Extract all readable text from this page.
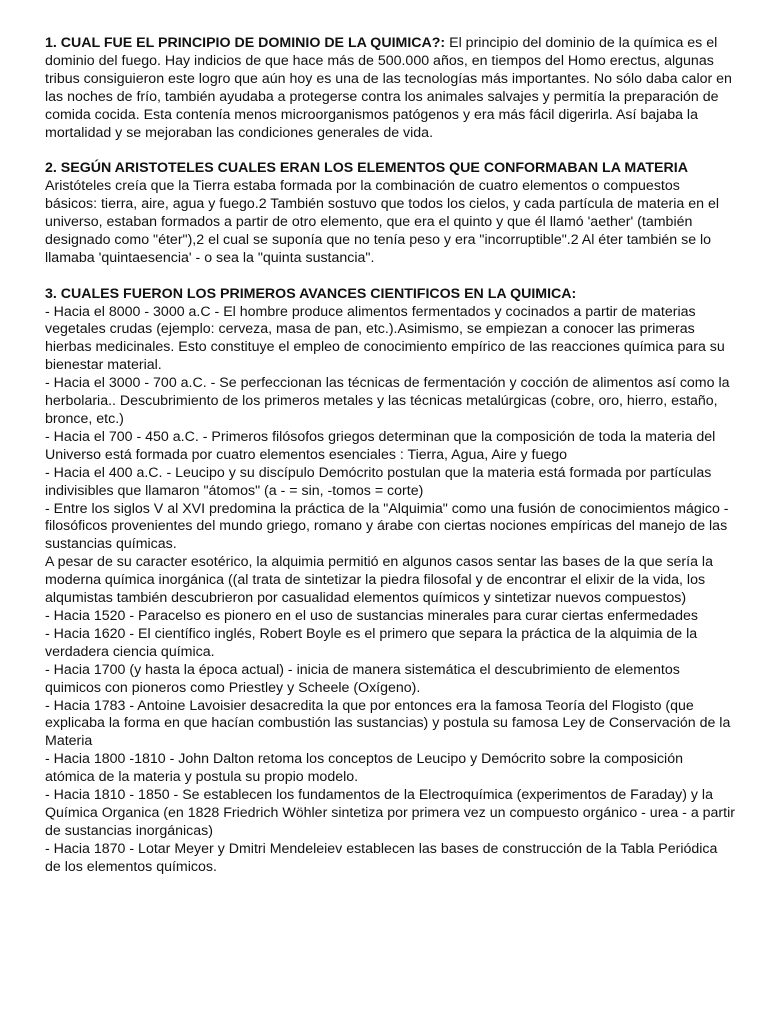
1. CUAL FUE EL PRINCIPIO DE DOMINIO DE LA QUIMICA?: El principio del dominio de la química es el dominio del fuego. Hay indicios de que hace más de 500.000 años, en tiempos del Homo erectus, algunas tribus consiguieron este logro que aún hoy es una de las tecnologías más importantes. No sólo daba calor en las noches de frío, también ayudaba a protegerse contra los animales salvajes y permitía la preparación de comida cocida. Esta contenía menos microorganismos patógenos y era más fácil digerirla. Así bajaba la mortalidad y se mejoraban las condiciones generales de vida.
2. SEGÚN ARISTOTELES CUALES ERAN LOS ELEMENTOS QUE CONFORMABAN LA MATERIA
Aristóteles creía que la Tierra estaba formada por la combinación de cuatro elementos o compuestos básicos: tierra, aire, agua y fuego.2 También sostuvo que todos los cielos, y cada partícula de materia en el universo, estaban formados a partir de otro elemento, que era el quinto y que él llamó 'aether' (también designado como "éter"),2 el cual se suponía que no tenía peso y era "incorruptible".2 Al éter también se lo llamaba 'quintaesencia' - o sea la "quinta sustancia".
3. CUALES FUERON LOS PRIMEROS AVANCES CIENTIFICOS EN LA QUIMICA:
- Hacia el 8000 - 3000 a.C - El hombre produce alimentos fermentados y cocinados a partir de materias vegetales crudas (ejemplo: cerveza, masa de pan, etc.).Asimismo, se empiezan a conocer las primeras hierbas medicinales. Esto constituye el empleo de conocimiento empírico de las reacciones química para su bienestar material.
- Hacia el 3000 - 700 a.C. - Se perfeccionan las técnicas de fermentación y cocción de alimentos así como la herbolaria.. Descubrimiento de los primeros metales y las técnicas metalúrgicas (cobre, oro, hierro, estaño, bronce, etc.)
- Hacia el 700 - 450 a.C. - Primeros filósofos griegos determinan que la composición de toda la materia del Universo está formada por cuatro elementos esenciales : Tierra, Agua, Aire y fuego
- Hacia el 400 a.C. - Leucipo y su discípulo Demócrito postulan que la materia está formada por partículas indivisibles que llamaron "átomos" (a - = sin, -tomos = corte)
- Entre los siglos V al XVI predomina la práctica de la "Alquimia" como una fusión de conocimientos mágico - filosóficos provenientes del mundo griego, romano y árabe con ciertas nociones empíricas del manejo de las sustancias químicas.
A pesar de su caracter esotérico, la alquimia permitió en algunos casos sentar las bases de la que sería la moderna química inorgánica ((al trata de sintetizar la piedra filosofal y de encontrar el elixir de la vida, los alqumistas también descubrieron por casualidad elementos químicos y sintetizar nuevos compuestos)
- Hacia 1520 - Paracelso es pionero en el uso de sustancias minerales para curar ciertas enfermedades
- Hacia 1620 - El científico inglés, Robert Boyle es el primero que separa la práctica de la alquimia de la verdadera ciencia química.
- Hacia 1700 (y hasta la época actual) - inicia de manera sistemática el descubrimiento de elementos quimicos con pioneros como Priestley y Scheele (Oxígeno).
- Hacia 1783 - Antoine Lavoisier desacredita la que por entonces era la famosa Teoría del Flogisto (que explicaba la forma en que hacían combustión las sustancias) y postula su famosa Ley de Conservación de la Materia
- Hacia 1800 -1810 - John Dalton retoma los conceptos de Leucipo y Demócrito sobre la composición atómica de la materia y postula su propio modelo.
- Hacia 1810 - 1850 - Se establecen los fundamentos de la Electroquímica (experimentos de Faraday) y la Química Organica (en 1828 Friedrich Wöhler sintetiza por primera vez un compuesto orgánico - urea - a partir de sustancias inorgánicas)
- Hacia 1870 - Lotar Meyer y Dmitri Mendeleiev establecen las bases de construcción de la Tabla Periódica de los elementos químicos.
